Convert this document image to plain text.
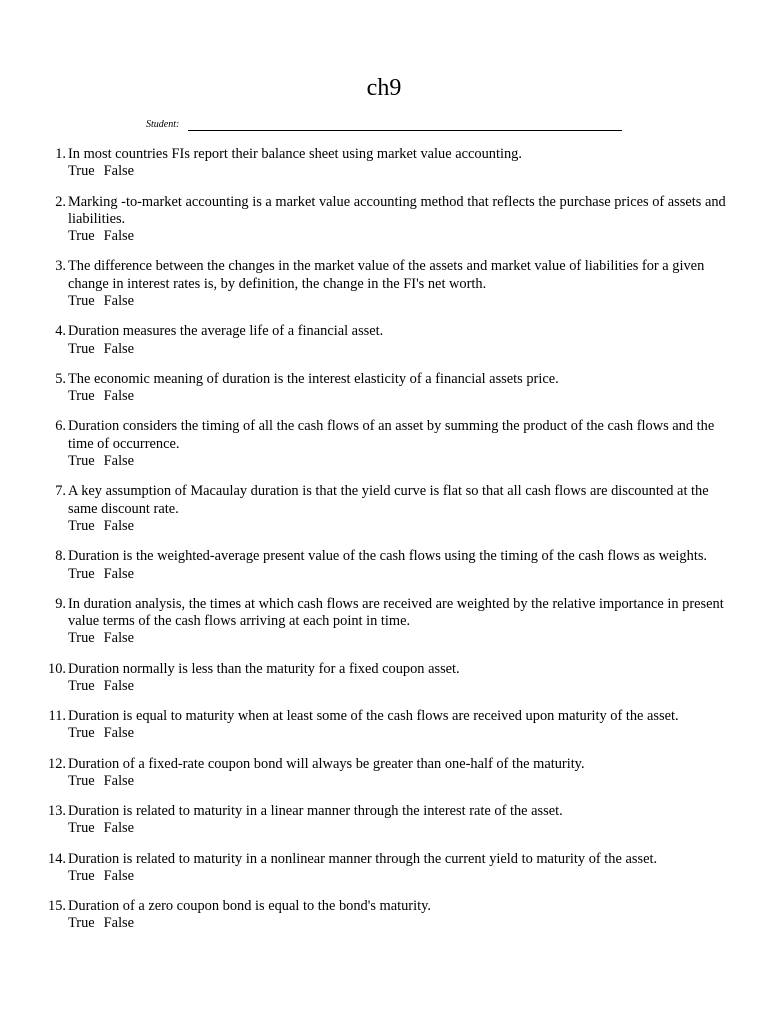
ch9
Student:
1. In most countries FIs report their balance sheet using market value accounting.
True False
2. Marking -to-market accounting is a market value accounting method that reflects the purchase prices of assets and liabilities.
True False
3. The difference between the changes in the market value of the assets and market value of liabilities for a given change in interest rates is, by definition, the change in the FI's net worth.
True False
4. Duration measures the average life of a financial asset.
True False
5. The economic meaning of duration is the interest elasticity of a financial assets price.
True False
6. Duration considers the timing of all the cash flows of an asset by summing the product of the cash flows and the time of occurrence.
True False
7. A key assumption of Macaulay duration is that the yield curve is flat so that all cash flows are discounted at the same discount rate.
True False
8. Duration is the weighted-average present value of the cash flows using the timing of the cash flows as weights.
True False
9. In duration analysis, the times at which cash flows are received are weighted by the relative importance in present value terms of the cash flows arriving at each point in time.
True False
10. Duration normally is less than the maturity for a fixed coupon asset.
True False
11. Duration is equal to maturity when at least some of the cash flows are received upon maturity of the asset.
True False
12. Duration of a fixed-rate coupon bond will always be greater than one-half of the maturity.
True False
13. Duration is related to maturity in a linear manner through the interest rate of the asset.
True False
14. Duration is related to maturity in a nonlinear manner through the current yield to maturity of the asset.
True False
15. Duration of a zero coupon bond is equal to the bond's maturity.
True False
